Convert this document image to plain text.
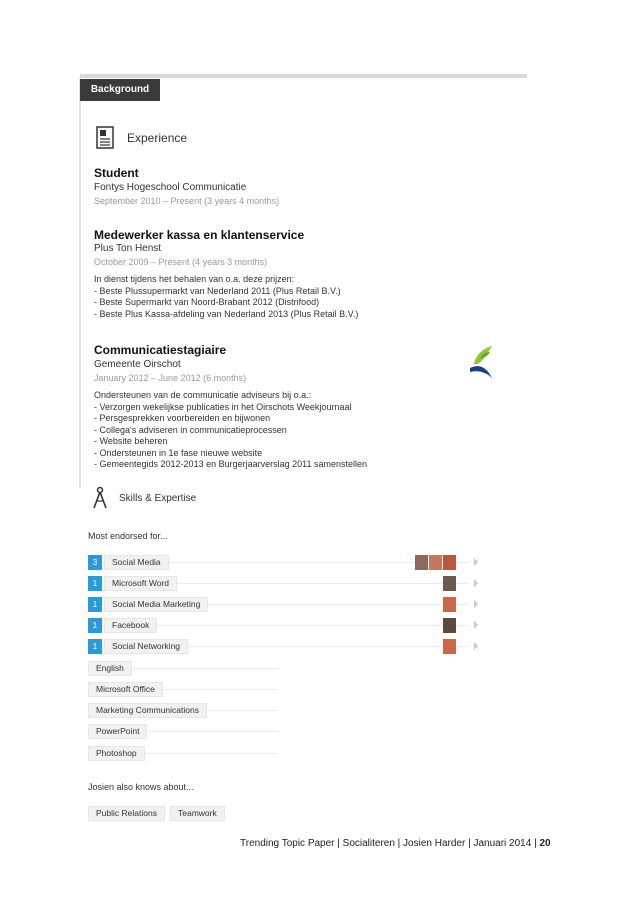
Background
Experience
Student
Fontys Hogeschool Communicatie
September 2010 – Present (3 years 4 months)
Medewerker kassa en klantenservice
Plus Ton Henst
October 2009 – Present (4 years 3 months)
In dienst tijdens het behalen van o.a. deze prijzen:
- Beste Plussupermarkt van Nederland 2011 (Plus Retail B.V.)
- Beste Supermarkt van Noord-Brabant 2012 (Distrifood)
- Beste Plus Kassa-afdeling van Nederland 2013 (Plus Retail B.V.)
Communicatiestagiaire
Gemeente Oirschot
January 2012 – June 2012 (6 months)
Ondersteunen van de communicatie adviseurs bij o.a.:
- Verzorgen wekelijkse publicaties in het Oirschots Weekjournaal
- Persgesprekken voorbereiden en bijwonen
- Collega's adviseren in communicatieprocessen
- Website beheren
- Ondersteunen in 1e fase nieuwe website
- Gemeentegids 2012-2013 en Burgerjaarverslag 2011 samenstellen
Skills & Expertise
Most endorsed for...
3	Social Media
1	Microsoft Word
1	Social Media Marketing
1	Facebook
1	Social Networking
English
Microsoft Office
Marketing Communications
PowerPoint
Photoshop
Josien also knows about...
Public Relations	Teamwork
Trending Topic Paper | Socialiteren | Josien Harder | Januari 2014 | 20
